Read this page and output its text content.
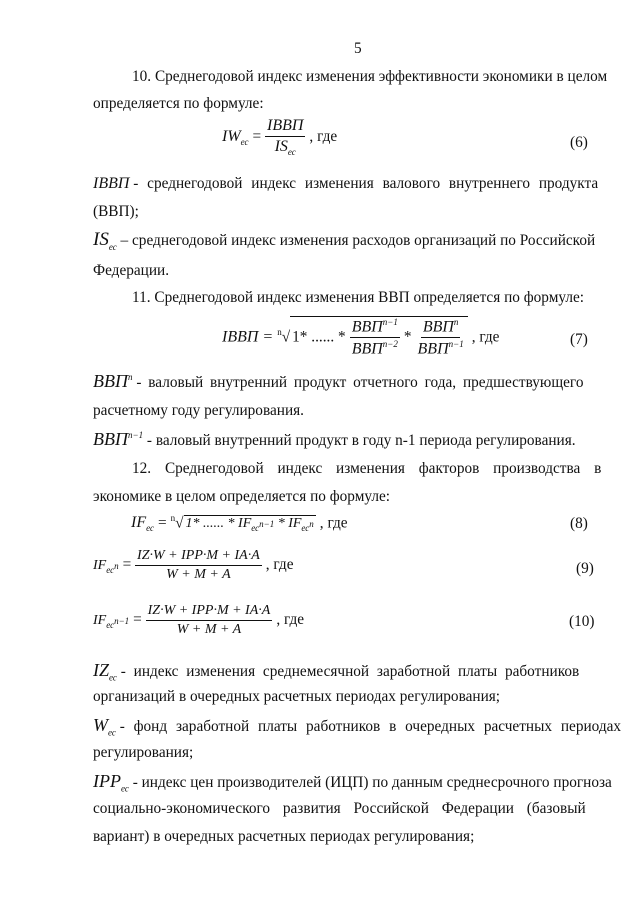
5
10. Среднегодовой индекс изменения эффективности экономики в целом
определяется по формуле:
$IW_{ес} = \frac{\text{IВВП}}{IS_{ес}}$ , где	(6)
IВВП - среднегодовой индекс изменения валового внутреннего продукта
(ВВП);
$IS_{ес}$ – среднегодовой индекс изменения расходов организаций по Российской
Федерации.
11. Среднегодовой индекс изменения ВВП определяется по формуле:
IВВП = $^n$√ 1* ...... * $\frac{ВВП^{n-1}}{ВВП^{n-2}} * \frac{ВВП^n}{ВВП^{n-1}}$ , где	(7)
ВВП$^n$ - валовый внутренний продукт отчетного года, предшествующего
расчетному году регулирования.
$ВВП^{n-1}$ - валовый внутренний продукт в году n-1 периода регулирования.
12. Среднегодовой индекс изменения факторов производства в
экономике в целом определяется по формуле:
$IF_{ес} = ^n√$ 1* ...... * $IF_{ес^{n-1}} * IF_{ес^n}$ , где	(8)
$IF_{ес^n} = \frac{\text{IZ·W + IPP·M + IA·A}}{W + M + A}$ , где	(9)
$IF_{ес^{n-1}} = \frac{\text{IZ·W + IPP·M + IA·A}}{W + M + A}$ , где	(10)
$IZ_{ес}$ - индекс изменения среднемесячной заработной платы работников
организаций в очередных расчетных периодах регулирования;
$W_{ес}$ - фонд заработной платы работников в очередных расчетных периодах
регулирования;
$IPP_{ес}$ - индекс цен производителей (ИЦП) по данным среднесрочного прогноза
социально-экономического развития Российской Федерации (базовый
вариант) в очередных расчетных периодах регулирования;
